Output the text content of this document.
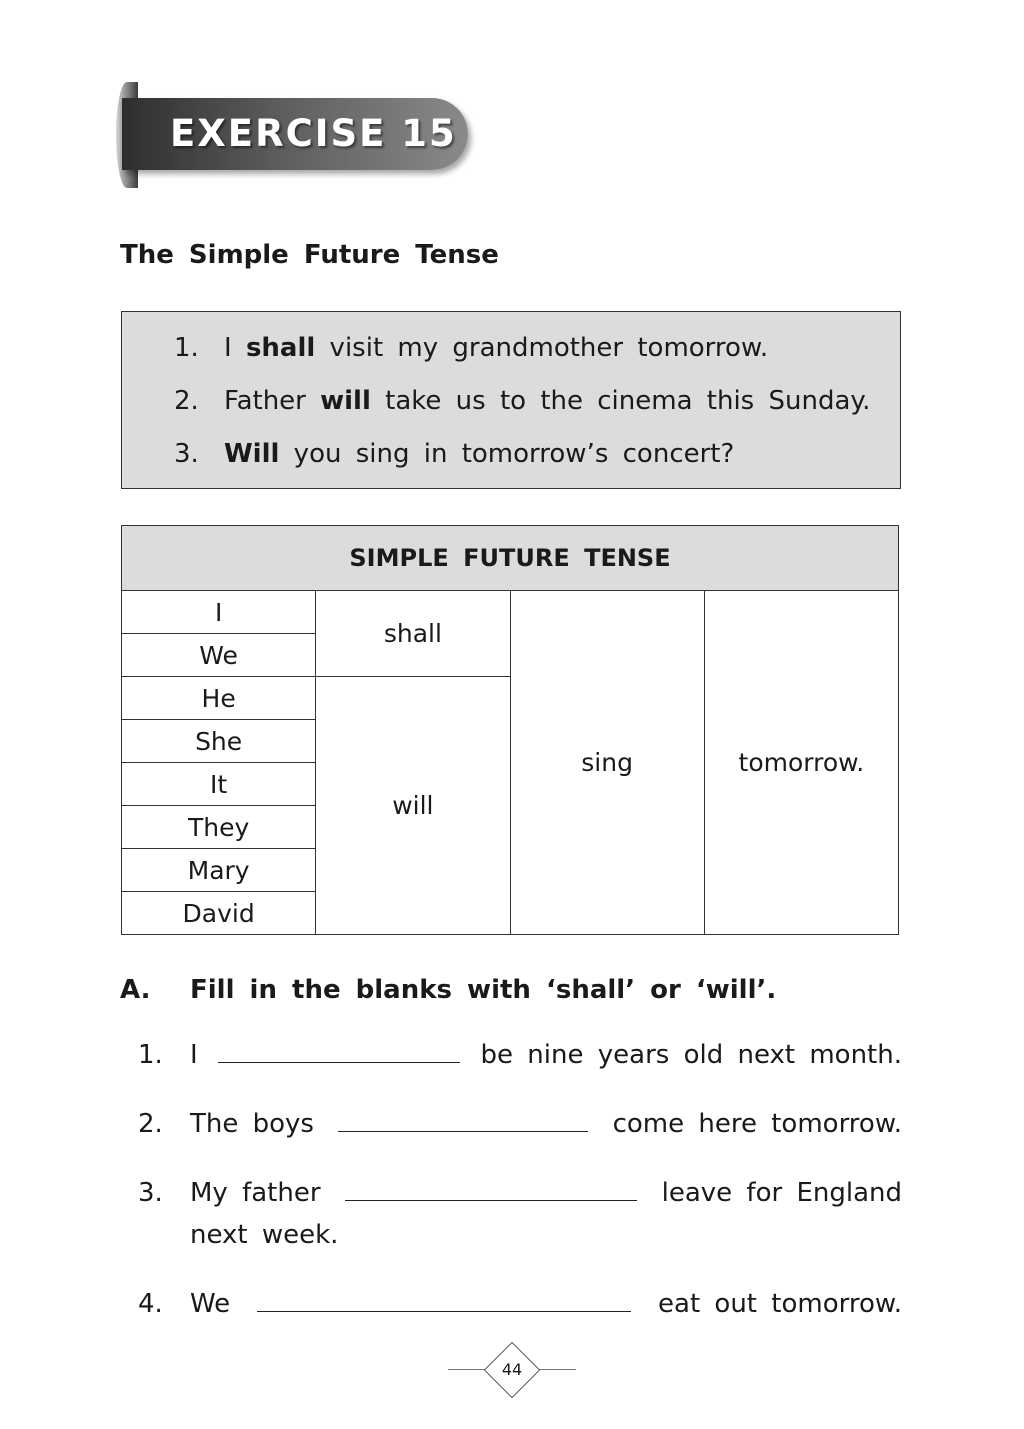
EXERCISE 15
The Simple Future Tense
1. I shall visit my grandmother tomorrow.
2. Father will take us to the cinema this Sunday.
3. Will you sing in tomorrow’s concert?
SIMPLE FUTURE TENSE			
I	shall	sing	tomorrow.
We			
He	will		
She			
It			
They			
Mary			
David			
A. Fill in the blanks with ‘shall’ or ‘will’.
1. I	be nine years old next month.
2. The boys	come here tomorrow.
3. My father	leave for England
next week.
4. We	eat out tomorrow.
44
